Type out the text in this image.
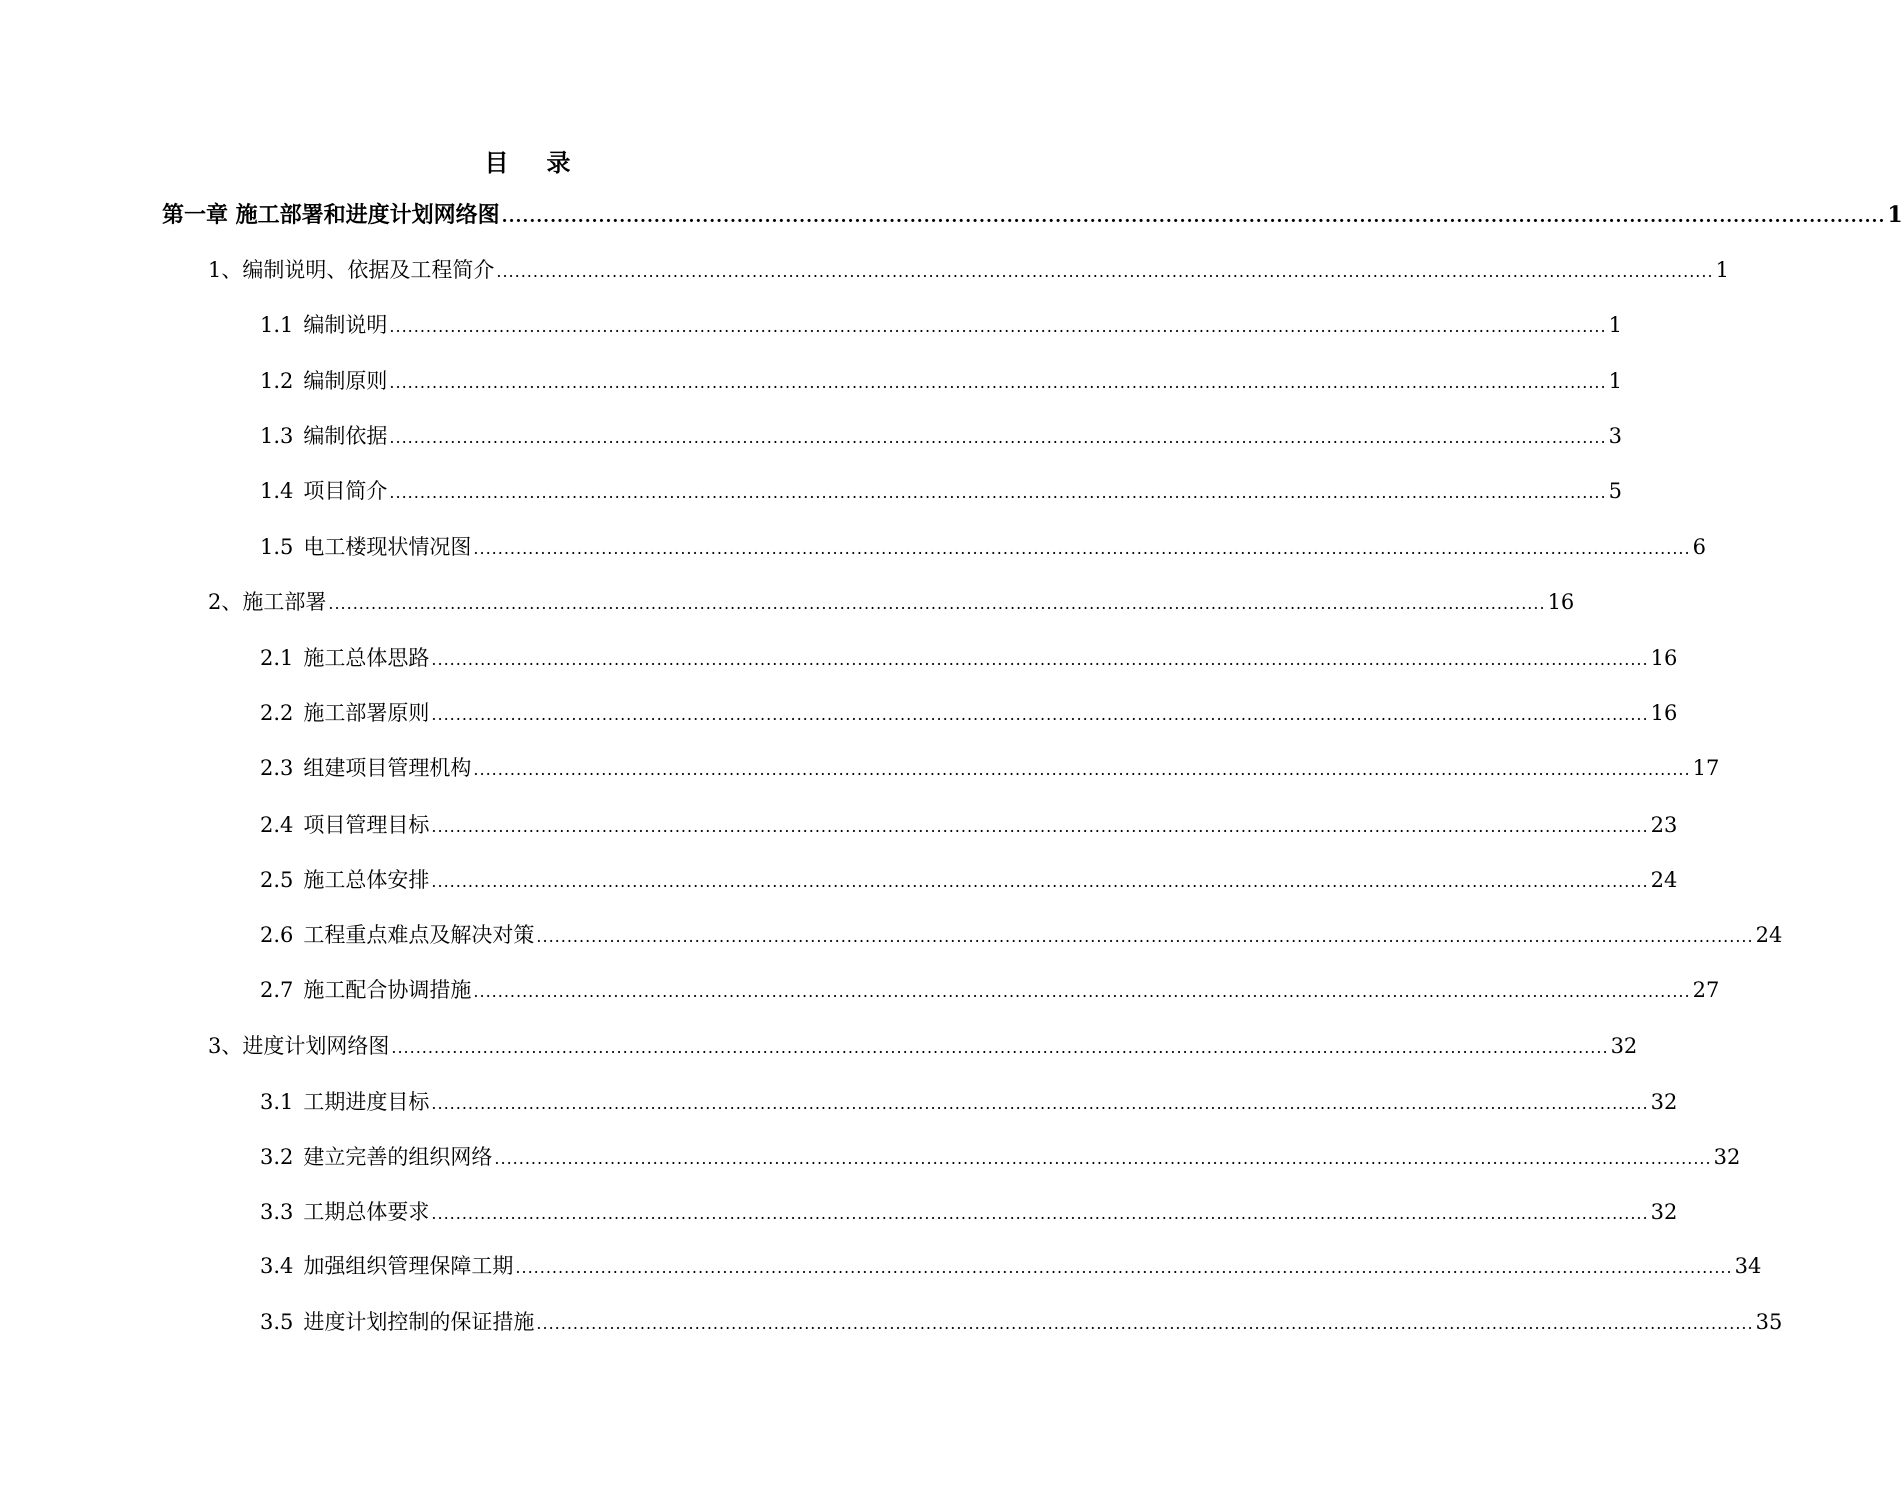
目 录
第一章 施工部署和进度计划网络图 ........................................................................................................................................................................................................ 1
1、编制说明、依据及工程简介 ........................................................................................................................................................................................................ 1
1.1 编制说明 ........................................................................................................................................................................................................ 1
1.2 编制原则 ........................................................................................................................................................................................................ 1
1.3 编制依据 ........................................................................................................................................................................................................ 3
1.4 项目简介 ........................................................................................................................................................................................................ 5
1.5 电工楼现状情况图 ........................................................................................................................................................................................................ 6
2、施工部署 ........................................................................................................................................................................................................ 16
2.1 施工总体思路 ........................................................................................................................................................................................................ 16
2.2 施工部署原则 ........................................................................................................................................................................................................ 16
2.3 组建项目管理机构 ........................................................................................................................................................................................................ 17
2.4 项目管理目标 ........................................................................................................................................................................................................ 23
2.5 施工总体安排 ........................................................................................................................................................................................................ 24
2.6 工程重点难点及解决对策 ........................................................................................................................................................................................................ 24
2.7 施工配合协调措施 ........................................................................................................................................................................................................ 27
3、进度计划网络图 ........................................................................................................................................................................................................ 32
3.1 工期进度目标 ........................................................................................................................................................................................................ 32
3.2 建立完善的组织网络 ........................................................................................................................................................................................................ 32
3.3 工期总体要求 ........................................................................................................................................................................................................ 32
3.4 加强组织管理保障工期 ........................................................................................................................................................................................................ 34
3.5 进度计划控制的保证措施 ........................................................................................................................................................................................................ 35
